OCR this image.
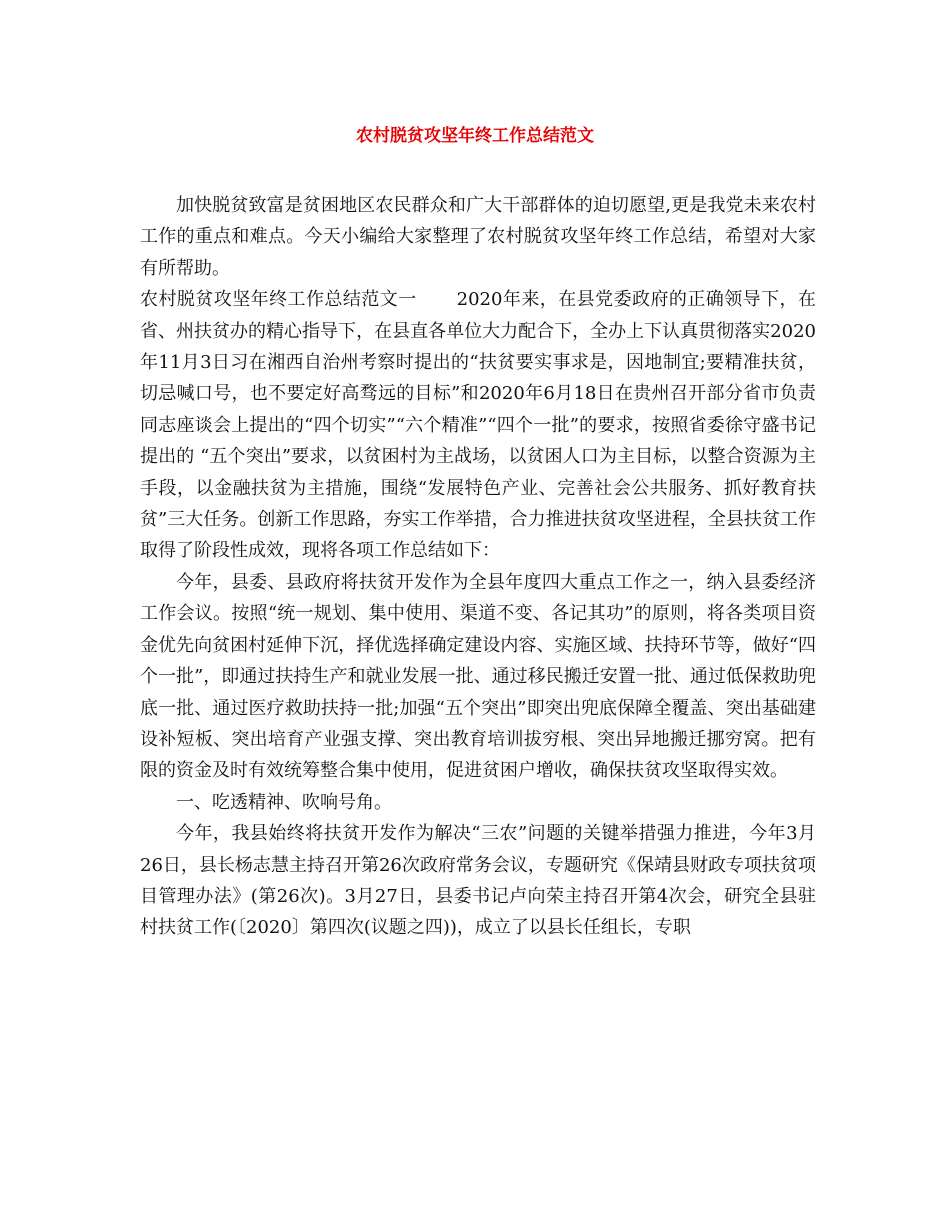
农村脱贫攻坚年终工作总结范文

加快脱贫致富是贫困地区农民群众和广大干部群体的迫切愿望,更是我党未来农村工作的重点和难点。今天小编给大家整理了农村脱贫攻坚年终工作总结，希望对大家有所帮助。

农村脱贫攻坚年终工作总结范文一 2020年来，在县党委政府的正确领导下，在省、州扶贫办的精心指导下，在县直各单位大力配合下，全办上下认真贯彻落实2020年11月3日习在湘西自治州考察时提出的“扶贫要实事求是，因地制宜;要精准扶贫，切忌喊口号，也不要定好高骛远的目标”和2020年6月18日在贵州召开部分省市负责同志座谈会上提出的“四个切实”“六个精准”“四个一批”的要求，按照省委徐守盛书记提出的 “五个突出”要求，以贫困村为主战场，以贫困人口为主目标，以整合资源为主手段，以金融扶贫为主措施，围绕“发展特色产业、完善社会公共服务、抓好教育扶贫”三大任务。创新工作思路，夯实工作举措，合力推进扶贫攻坚进程，全县扶贫工作取得了阶段性成效，现将各项工作总结如下：

今年，县委、县政府将扶贫开发作为全县年度四大重点工作之一，纳入县委经济工作会议。按照“统一规划、集中使用、渠道不变、各记其功”的原则，将各类项目资金优先向贫困村延伸下沉，择优选择确定建设内容、实施区域、扶持环节等，做好“四个一批”，即通过扶持生产和就业发展一批、通过移民搬迁安置一批、通过低保救助兜底一批、通过医疗救助扶持一批;加强“五个突出”即突出兜底保障全覆盖、突出基础建设补短板、突出培育产业强支撑、突出教育培训拔穷根、突出异地搬迁挪穷窝。把有限的资金及时有效统筹整合集中使用，促进贫困户增收，确保扶贫攻坚取得实效。

一、吃透精神、吹响号角。

今年，我县始终将扶贫开发作为解决“三农”问题的关键举措强力推进，今年3月26日，县长杨志慧主持召开第26次政府常务会议，专题研究《保靖县财政专项扶贫项目管理办法》(第26次)。3月27日，县委书记卢向荣主持召开第4次会，研究全县驻村扶贫工作(〔2020〕第四次(议题之四))，成立了以县长任组长，专职
